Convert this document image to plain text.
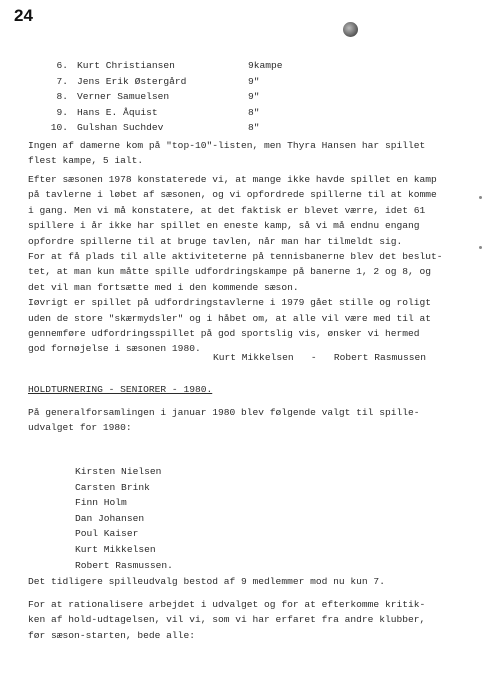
24
6. Kurt Christiansen	9 kampe
7. Jens Erik Østergård	9 "
8. Verner Samuelsen	9 "
9. Hans E. Åquist	8 "
10. Gulshan Suchdev	8 "
Ingen af damerne kom på "top-10"-listen, men Thyra Hansen har spillet
flest kampe, 5 ialt.
Efter sæsonen 1978 konstaterede vi, at mange ikke havde spillet en kamp
på tavlerne i løbet af sæsonen, og vi opfordrede spillerne til at komme
i gang. Men vi må konstatere, at det faktisk er blevet værre, idet 61
spillere i år ikke har spillet en eneste kamp, så vi må endnu engang
opfordre spillerne til at bruge tavlen, når man har tilmeldt sig.
For at få plads til alle aktiviteterne på tennisbanerne blev det beslut-
tet, at man kun måtte spille udfordringskampe på banerne 1, 2 og 8, og
det vil man fortsætte med i den kommende sæson.
Iøvrigt er spillet på udfordringstavlerne i 1979 gået stille og roligt
uden de store "skærmydsler" og i håbet om, at alle vil være med til at
gennemføre udfordringsspillet på god sportslig vis, ønsker vi hermed
god fornøjelse i sæsonen 1980.
Kurt Mikkelsen   -   Robert Rasmussen
HOLDTURNERING - SENIORER - 1980.
På generalforsamlingen i januar 1980 blev følgende valgt til spille-
udvalget for 1980:
Kirsten Nielsen
Carsten Brink
Finn Holm
Dan Johansen
Poul Kaiser
Kurt Mikkelsen
Robert Rasmussen.
Det tidligere spilleudvalg bestod af 9 medlemmer mod nu kun 7.
For at rationalisere arbejdet i udvalget og for at efterkomme kritik-
ken af hold-udtagelsen, vil vi, som vi har erfaret fra andre klubber,
før sæson-starten, bede alle:
